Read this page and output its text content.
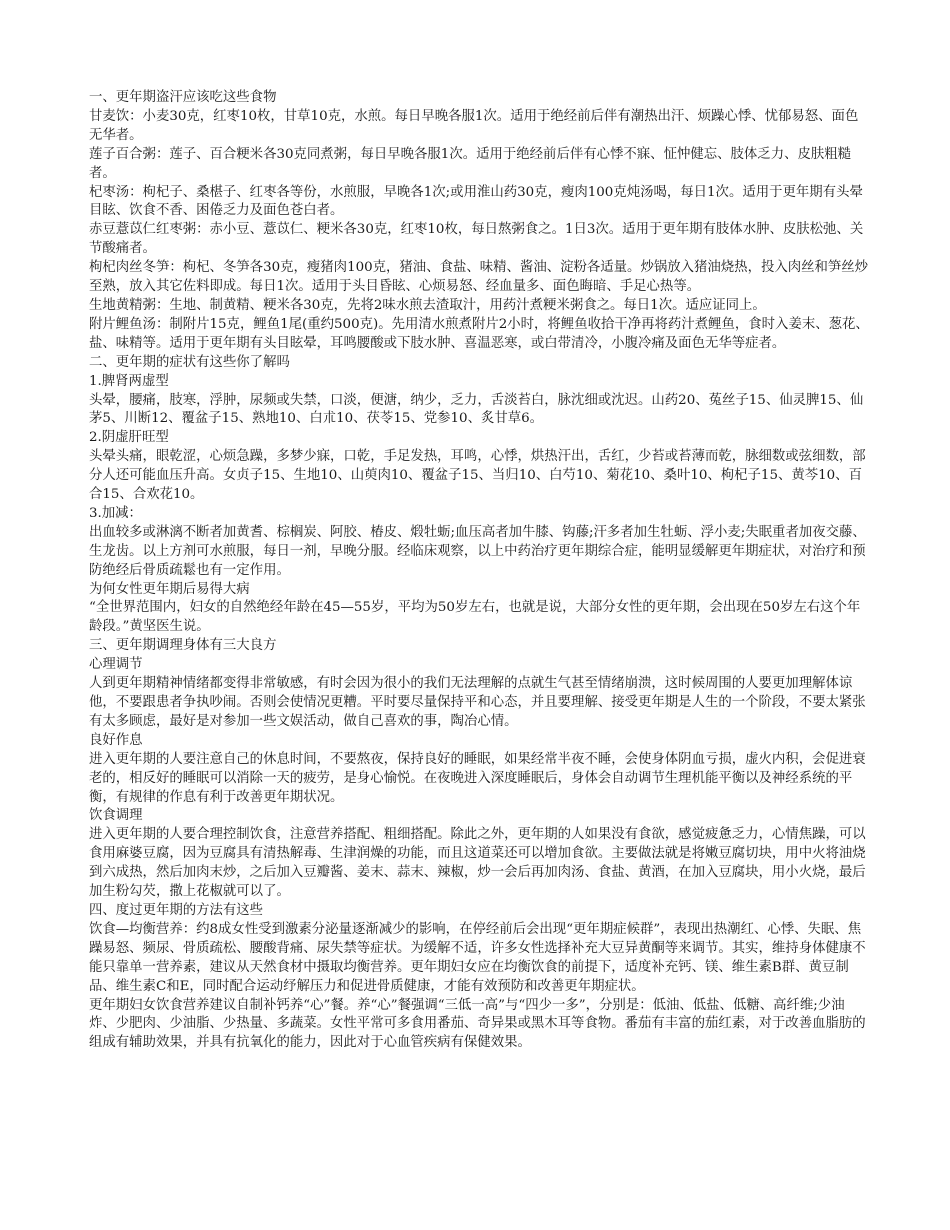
一、更年期盗汗应该吃这些食物

甘麦饮：小麦30克，红枣10枚，甘草10克，水煎。每日早晚各服1次。适用于绝经前后伴有潮热出汗、烦躁心悸、忧郁易怒、面色无华者。

莲子百合粥：莲子、百合粳米各30克同煮粥，每日早晚各服1次。适用于绝经前后伴有心悸不寐、怔忡健忘、肢体乏力、皮肤粗糙者。

杞枣汤：枸杞子、桑椹子、红枣各等份，水煎服，早晚各1次;或用淮山药30克，瘦肉100克炖汤喝，每日1次。适用于更年期有头晕目眩、饮食不香、困倦乏力及面色苍白者。

赤豆薏苡仁红枣粥：赤小豆、薏苡仁、粳米各30克，红枣10枚，每日熬粥食之。1日3次。适用于更年期有肢体水肿、皮肤松弛、关节酸痛者。

枸杞肉丝冬笋：枸杞、冬笋各30克，瘦猪肉100克，猪油、食盐、味精、酱油、淀粉各适量。炒锅放入猪油烧热，投入肉丝和笋丝炒至熟，放入其它佐料即成。每日1次。适用于头目昏眩、心烦易怒、经血量多、面色晦暗、手足心热等。

生地黄精粥：生地、制黄精、粳米各30克，先将2味水煎去渣取汁，用药汁煮粳米粥食之。每日1次。适应证同上。

附片鲤鱼汤：制附片15克，鲤鱼1尾(重约500克)。先用清水煎煮附片2小时，将鲤鱼收拾干净再将药汁煮鲤鱼，食时入姜末、葱花、盐、味精等。适用于更年期有头目眩晕，耳鸣腰酸或下肢水肿、喜温恶寒，或白带清冷，小腹冷痛及面色无华等症者。

二、更年期的症状有这些你了解吗

1.脾肾两虚型

头晕，腰痛，肢寒，浮肿，尿频或失禁，口淡，便溏，纳少，乏力，舌淡苔白，脉沈细或沈迟。山药20、菟丝子15、仙灵脾15、仙茅5、川断12、覆盆子15、熟地10、白朮10、茯苓15、党参10、炙甘草6。

2.阴虚肝旺型

头晕头痛，眼乾涩，心烦急躁，多梦少寐，口乾，手足发热，耳鸣，心悸，烘热汗出，舌红，少苔或苔薄而乾，脉细数或弦细数，部分人还可能血压升高。女贞子15、生地10、山萸肉10、覆盆子15、当归10、白芍10、菊花10、桑叶10、枸杞子15、黄芩10、百合15、合欢花10。

3.加减：

出血较多或淋漓不断者加黄耆、棕榈炭、阿胶、椿皮、煅牡蛎;血压高者加牛膝、钩藤;汗多者加生牡蛎、浮小麦;失眠重者加夜交藤、生龙齿。以上方剂可水煎服，每日一剂，早晚分服。经临床观察，以上中药治疗更年期综合症，能明显缓解更年期症状，对治疗和预防绝经后骨质疏鬆也有一定作用。

为何女性更年期后易得大病

“全世界范围内，妇女的自然绝经年龄在45—55岁，平均为50岁左右，也就是说，大部分女性的更年期，会出现在50岁左右这个年龄段。”黄坚医生说。

三、更年期调理身体有三大良方

心理调节

人到更年期精神情绪都变得非常敏感，有时会因为很小的我们无法理解的点就生气甚至情绪崩溃，这时候周围的人要更加理解体谅他，不要跟患者争执吵闹。否则会使情况更糟。平时要尽量保持平和心态，并且要理解、接受更年期是人生的一个阶段，不要太紧张有太多顾虑，最好是对参加一些文娱活动，做自己喜欢的事，陶冶心情。

良好作息

进入更年期的人要注意自己的休息时间，不要熬夜，保持良好的睡眠，如果经常半夜不睡，会使身体阴血亏损，虚火内积，会促进衰老的，相反好的睡眠可以消除一天的疲劳，是身心愉悦。在夜晚进入深度睡眠后，身体会自动调节生理机能平衡以及神经系统的平衡，有规律的作息有利于改善更年期状况。

饮食调理

进入更年期的人要合理控制饮食，注意营养搭配、粗细搭配。除此之外，更年期的人如果没有食欲，感觉疲惫乏力，心情焦躁，可以食用麻婆豆腐，因为豆腐具有清热解毒、生津润燥的功能，而且这道菜还可以增加食欲。主要做法就是将嫩豆腐切块，用中火将油烧到六成热，然后加肉末炒，之后加入豆瓣酱、姜末、蒜末、辣椒，炒一会后再加肉汤、食盐、黄酒，在加入豆腐块，用小火烧，最后加生粉勾芡，撒上花椒就可以了。

四、度过更年期的方法有这些

饮食—均衡营养：约8成女性受到激素分泌量逐渐减少的影响，在停经前后会出现“更年期症候群”，表现出热潮红、心悸、失眠、焦躁易怒、频尿、骨质疏松、腰酸背痛、尿失禁等症状。为缓解不适，许多女性选择补充大豆异黄酮等来调节。其实，维持身体健康不能只靠单一营养素，建议从天然食材中摄取均衡营养。更年期妇女应在均衡饮食的前提下，适度补充钙、镁、维生素B群、黄豆制品、维生素C和E，同时配合运动纾解压力和促进骨质健康，才能有效预防和改善更年期症状。

更年期妇女饮食营养建议自制补钙养“心”餐。养“心”餐强调“三低一高”与“四少一多”，分别是：低油、低盐、低糖、高纤维;少油炸、少肥肉、少油脂、少热量、多蔬菜。女性平常可多食用番茄、奇异果或黑木耳等食物。番茄有丰富的茄红素，对于改善血脂肪的组成有辅助效果，并具有抗氧化的能力，因此对于心血管疾病有保健效果。
